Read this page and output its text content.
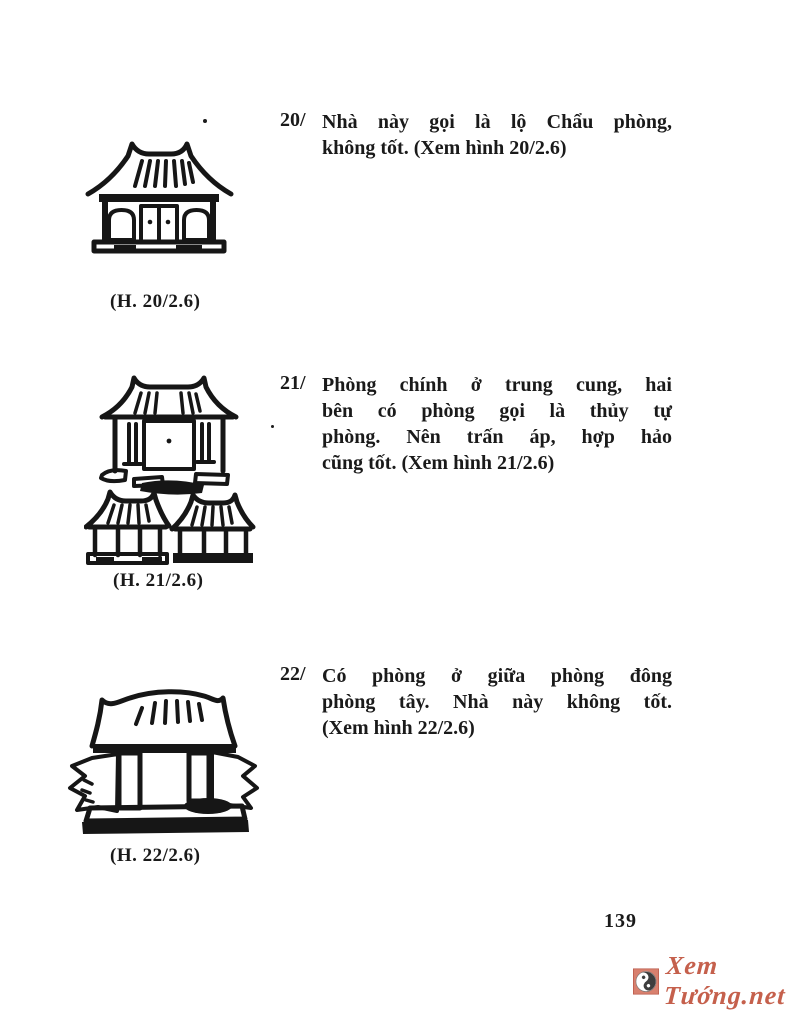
20/ Nhà này gọi là lộ Chẩu phòng,
không tốt. (Xem hình 20/2.6)
(H. 20/2.6)
21/ Phòng chính ở trung cung, hai
bên có phòng gọi là thủy tự
phòng. Nên trấn áp, hợp hảo
cũng tốt. (Xem hình 21/2.6)
(H. 21/2.6)
22/ Có phòng ở giữa phòng đông
phòng tây. Nhà này không tốt.
(Xem hình 22/2.6)
(H. 22/2.6)
139
Xem Tướng.net
